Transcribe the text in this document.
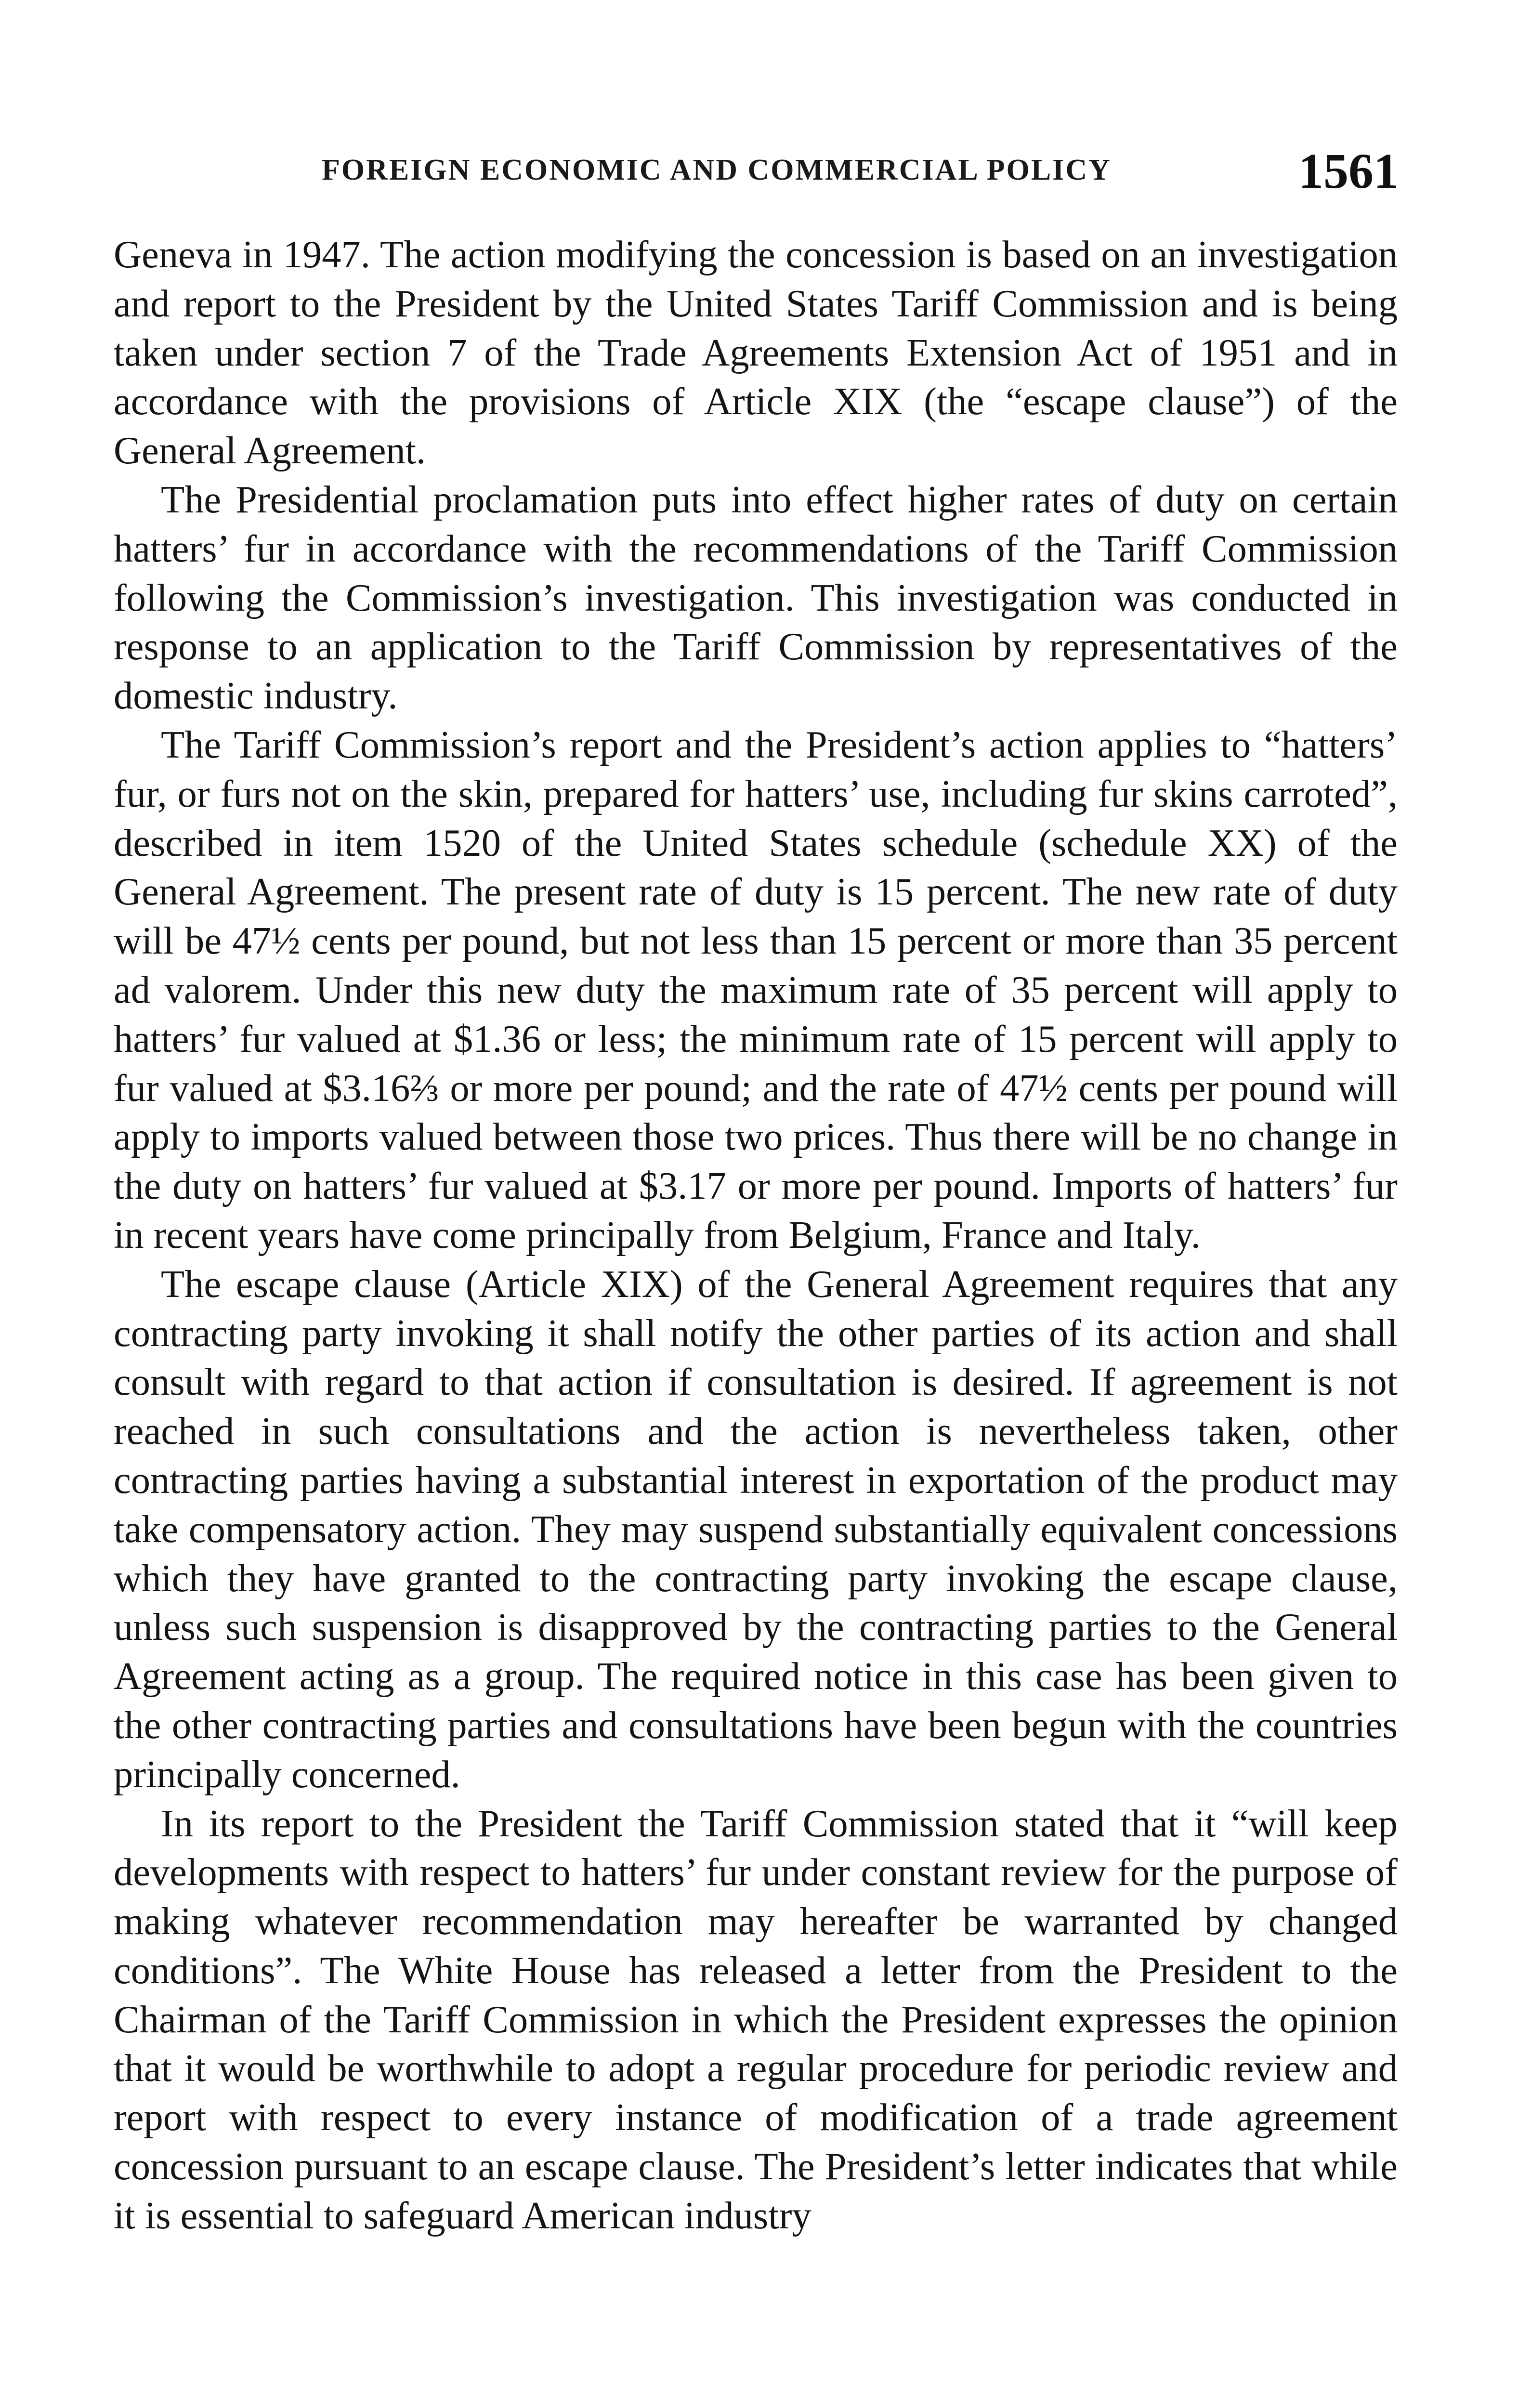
FOREIGN ECONOMIC AND COMMERCIAL POLICY	1561

Geneva in 1947. The action modifying the concession is based on an investigation and report to the President by the United States Tariff Commission and is being taken under section 7 of the Trade Agreements Extension Act of 1951 and in accordance with the provisions of Article XIX (the “escape clause”) of the General Agreement.

The Presidential proclamation puts into effect higher rates of duty on certain hatters’ fur in accordance with the recommendations of the Tariff Commission following the Commission’s investigation. This investigation was conducted in response to an application to the Tariff Commission by representatives of the domestic industry.

The Tariff Commission’s report and the President’s action applies to “hatters’ fur, or furs not on the skin, prepared for hatters’ use, including fur skins carroted”, described in item 1520 of the United States schedule (schedule XX) of the General Agreement. The present rate of duty is 15 percent. The new rate of duty will be 47½ cents per pound, but not less than 15 percent or more than 35 percent ad valorem. Under this new duty the maximum rate of 35 percent will apply to hatters’ fur valued at $1.36 or less; the minimum rate of 15 percent will apply to fur valued at $3.16⅔ or more per pound; and the rate of 47½ cents per pound will apply to imports valued between those two prices. Thus there will be no change in the duty on hatters’ fur valued at $3.17 or more per pound. Imports of hatters’ fur in recent years have come principally from Belgium, France and Italy.

The escape clause (Article XIX) of the General Agreement requires that any contracting party invoking it shall notify the other parties of its action and shall consult with regard to that action if consultation is desired. If agreement is not reached in such consultations and the action is nevertheless taken, other contracting parties having a substantial interest in exportation of the product may take compensatory action. They may suspend substantially equivalent concessions which they have granted to the contracting party invoking the escape clause, unless such suspension is disapproved by the contracting parties to the General Agreement acting as a group. The required notice in this case has been given to the other contracting parties and consultations have been begun with the countries principally concerned.

In its report to the President the Tariff Commission stated that it “will keep developments with respect to hatters’ fur under constant review for the purpose of making whatever recommendation may hereafter be warranted by changed conditions”. The White House has released a letter from the President to the Chairman of the Tariff Commission in which the President expresses the opinion that it would be worthwhile to adopt a regular procedure for periodic review and report with respect to every instance of modification of a trade agreement concession pursuant to an escape clause. The President’s letter indicates that while it is essential to safeguard American industry
